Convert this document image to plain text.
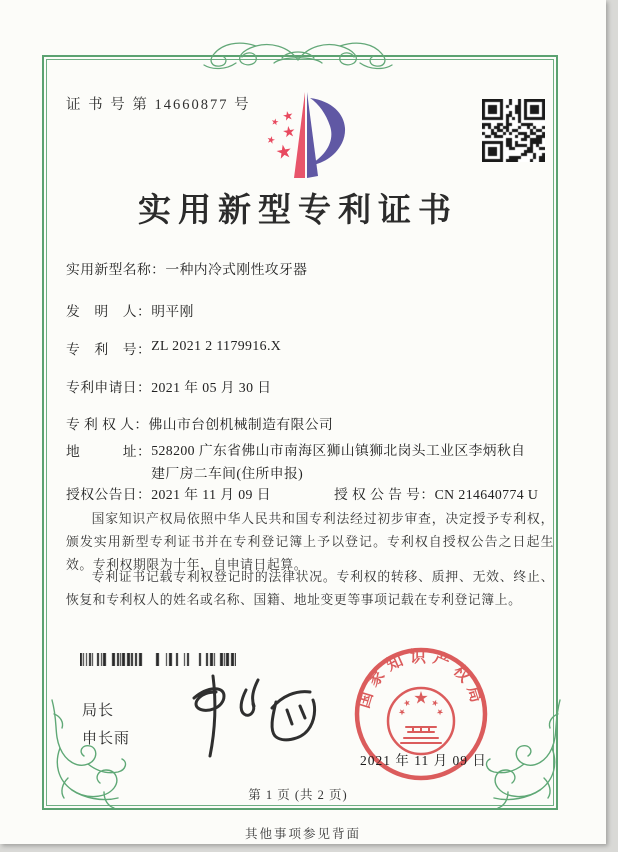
证 书 号 第 14660877 号
实用新型专利证书
实用新型名称： 一种内冷式刚性攻牙器
发　明　人： 明平刚
专　利　号： ZL 2021 2 1179916.X
专利申请日： 2021 年 05 月 30 日
专 利 权 人： 佛山市台创机械制造有限公司
地　　　址： 528200 广东省佛山市南海区狮山镇狮北岗头工业区李炳秋自建厂房二车间(住所申报)
授权公告日： 2021 年 11 月 09 日	授 权 公 告 号：CN 214640774 U

国家知识产权局依照中华人民共和国专利法经过初步审查，决定授予专利权，颁发实用新型专利证书并在专利登记簿上予以登记。专利权自授权公告之日起生效。专利权期限为十年，自申请日起算。

专利证书记载专利权登记时的法律状况。专利权的转移、质押、无效、终止、恢复和专利权人的姓名或名称、国籍、地址变更等事项记载在专利登记簿上。

局长
申长雨
国家知识产权局
2021 年 11 月 09 日
第 1 页 (共 2 页)
其他事项参见背面
